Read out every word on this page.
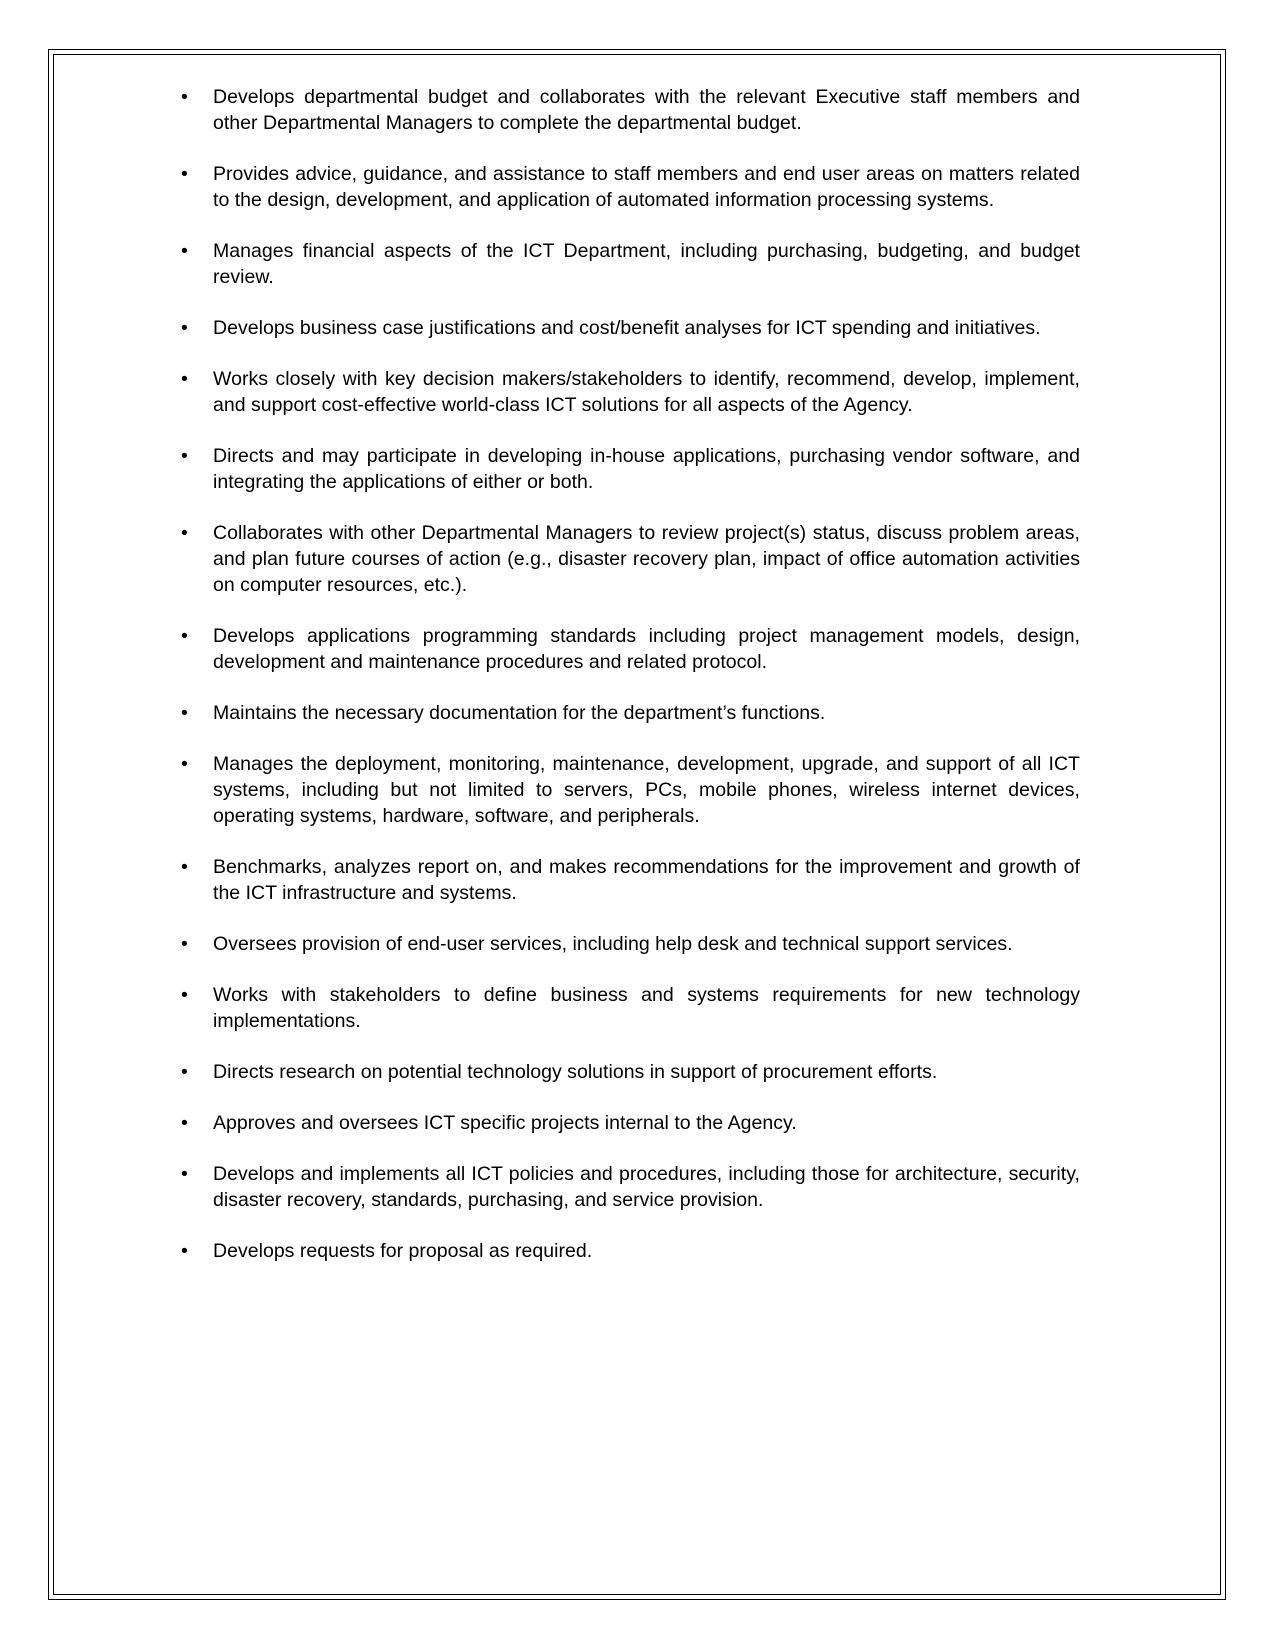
• Develops departmental budget and collaborates with the relevant Executive staff members and other Departmental Managers to complete the departmental budget.
• Provides advice, guidance, and assistance to staff members and end user areas on matters related to the design, development, and application of automated information processing systems.
• Manages financial aspects of the ICT Department, including purchasing, budgeting, and budget review.
• Develops business case justifications and cost/benefit analyses for ICT spending and initiatives.
• Works closely with key decision makers/stakeholders to identify, recommend, develop, implement, and support cost-effective world-class ICT solutions for all aspects of the Agency.
• Directs and may participate in developing in-house applications, purchasing vendor software, and integrating the applications of either or both.
• Collaborates with other Departmental Managers to review project(s) status, discuss problem areas, and plan future courses of action (e.g., disaster recovery plan, impact of office automation activities on computer resources, etc.).
• Develops applications programming standards including project management models, design, development and maintenance procedures and related protocol.
• Maintains the necessary documentation for the department’s functions.
• Manages the deployment, monitoring, maintenance, development, upgrade, and support of all ICT systems, including but not limited to servers, PCs, mobile phones, wireless internet devices, operating systems, hardware, software, and peripherals.
• Benchmarks, analyzes report on, and makes recommendations for the improvement and growth of the ICT infrastructure and systems.
• Oversees provision of end-user services, including help desk and technical support services.
• Works with stakeholders to define business and systems requirements for new technology implementations.
• Directs research on potential technology solutions in support of procurement efforts.
• Approves and oversees ICT specific projects internal to the Agency.
• Develops and implements all ICT policies and procedures, including those for architecture, security, disaster recovery, standards, purchasing, and service provision.
• Develops requests for proposal as required.
